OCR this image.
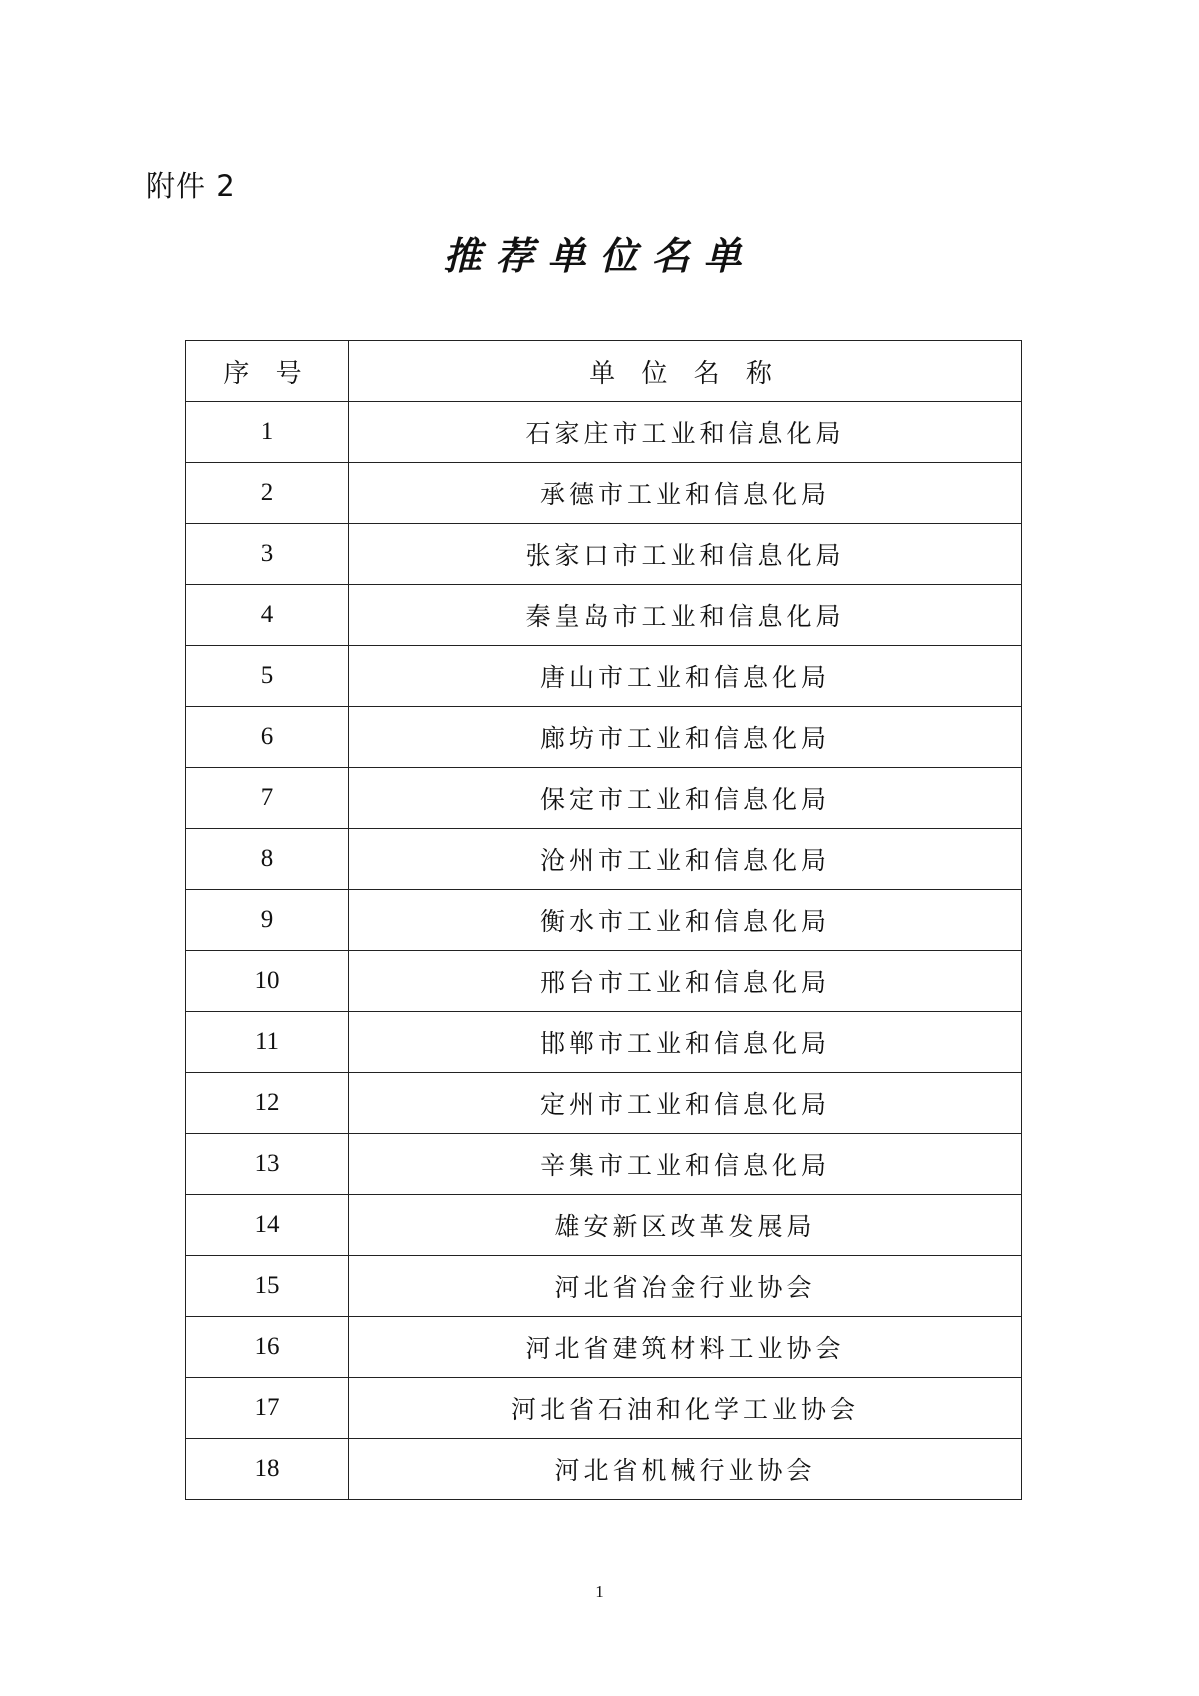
附件 2
推荐单位名单
序 号	单 位 名 称
1	石家庄市工业和信息化局
2	承德市工业和信息化局
3	张家口市工业和信息化局
4	秦皇岛市工业和信息化局
5	唐山市工业和信息化局
6	廊坊市工业和信息化局
7	保定市工业和信息化局
8	沧州市工业和信息化局
9	衡水市工业和信息化局
10	邢台市工业和信息化局
11	邯郸市工业和信息化局
12	定州市工业和信息化局
13	辛集市工业和信息化局
14	雄安新区改革发展局
15	河北省冶金行业协会
16	河北省建筑材料工业协会
17	河北省石油和化学工业协会
18	河北省机械行业协会
1
